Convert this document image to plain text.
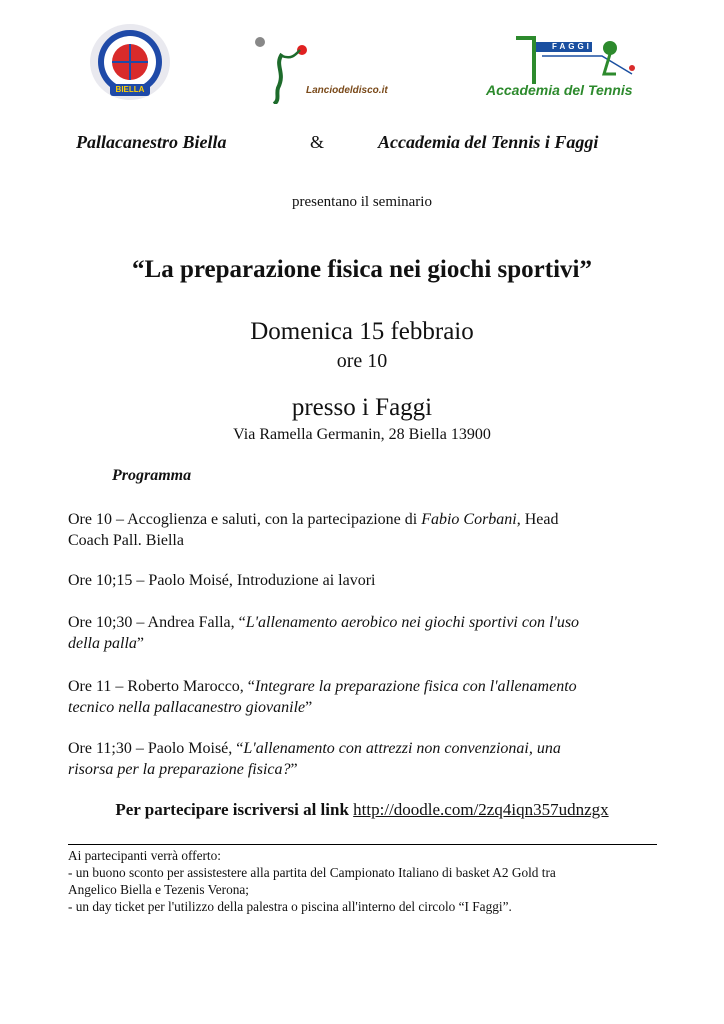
BIELLA	Lanciodeldisco.it
FAGGI
Accademia del Tennis
Pallacanestro Biella	&	Accademia del Tennis i Faggi
presentano il seminario
“La preparazione fisica nei giochi sportivi”
Domenica 15 febbraio
ore 10
presso i Faggi
Via Ramella Germanin, 28 Biella 13900
Programma
Ore 10 – Accoglienza e saluti, con la partecipazione di Fabio Corbani, Head
Coach Pall. Biella
Ore 10;15 – Paolo Moisé, Introduzione ai lavori
Ore 10;30 – Andrea Falla, “L'allenamento aerobico nei giochi sportivi con l'uso
della palla”
Ore 11 – Roberto Marocco, “Integrare la preparazione fisica con l'allenamento
tecnico nella pallacanestro giovanile”
Ore 11;30 – Paolo Moisé, “L'allenamento con attrezzi non convenzionai, una
risorsa per la preparazione fisica?”
Per partecipare iscriversi al link http://doodle.com/2zq4iqn357udnzgx
Ai partecipanti verrà offerto:
- un buono sconto per assistestere alla partita del Campionato Italiano di basket A2 Gold tra
Angelico Biella e Tezenis Verona;
- un day ticket per l'utilizzo della palestra o piscina all'interno del circolo “I Faggi”.
